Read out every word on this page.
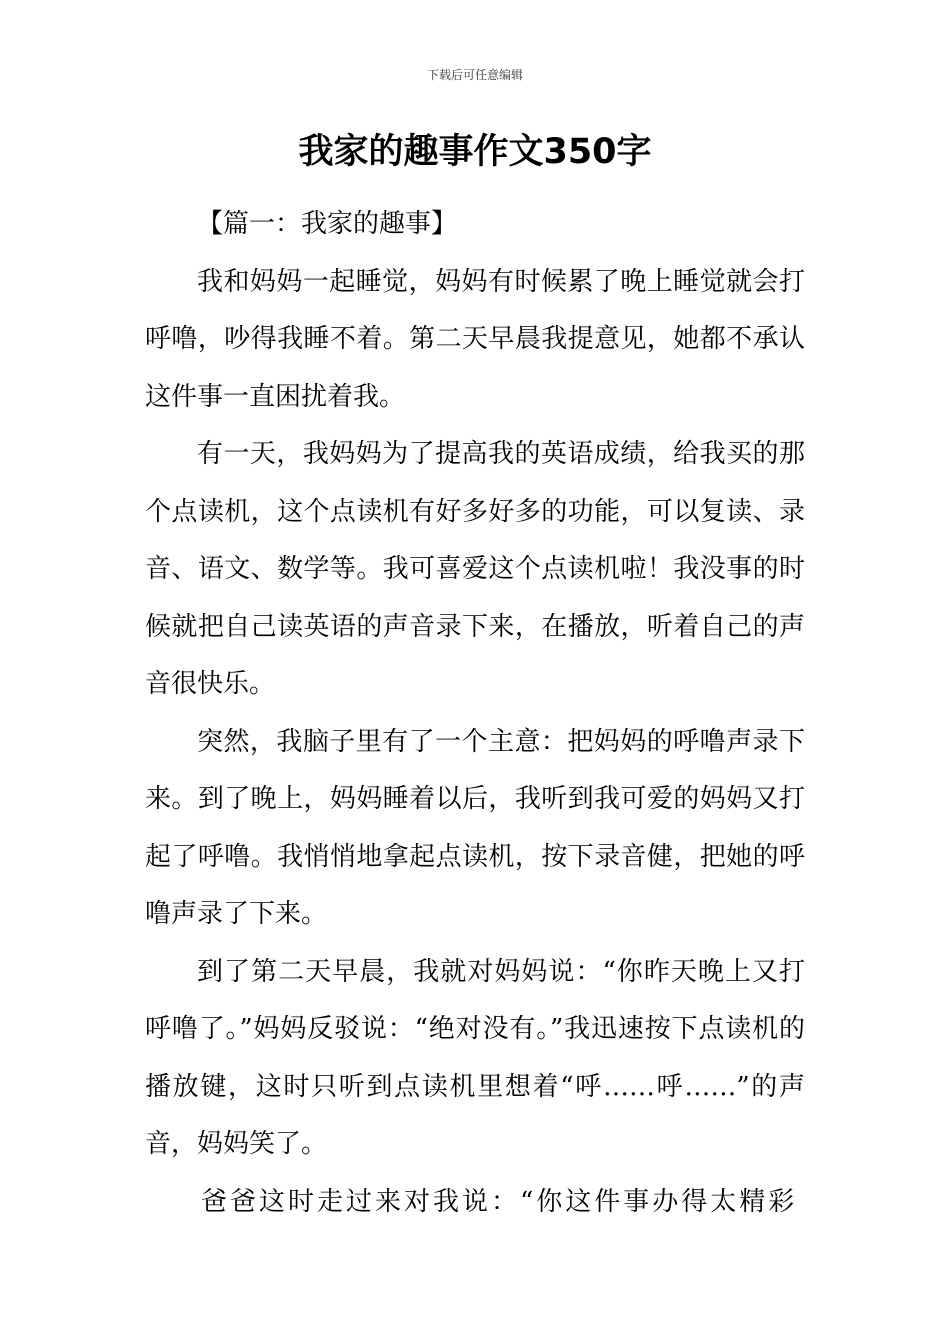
下载后可任意编辑
我家的趣事作文350字

【篇一：我家的趣事】

我和妈妈一起睡觉，妈妈有时候累了晚上睡觉就会打呼噜，吵得我睡不着。第二天早晨我提意见，她都不承认这件事一直困扰着我。

有一天，我妈妈为了提高我的英语成绩，给我买的那个点读机，这个点读机有好多好多的功能，可以复读、录音、语文、数学等。我可喜爱这个点读机啦！我没事的时候就把自己读英语的声音录下来，在播放，听着自己的声音很快乐。

突然，我脑子里有了一个主意：把妈妈的呼噜声录下来。到了晚上，妈妈睡着以后，我听到我可爱的妈妈又打起了呼噜。我悄悄地拿起点读机，按下录音健，把她的呼噜声录了下来。

到了第二天早晨，我就对妈妈说：“你昨天晚上又打呼噜了。”妈妈反驳说：“绝对没有。”我迅速按下点读机的播放键，这时只听到点读机里想着“呼……呼……”的声音，妈妈笑了。

爸爸这时走过来对我说：“你这件事办得太精彩
